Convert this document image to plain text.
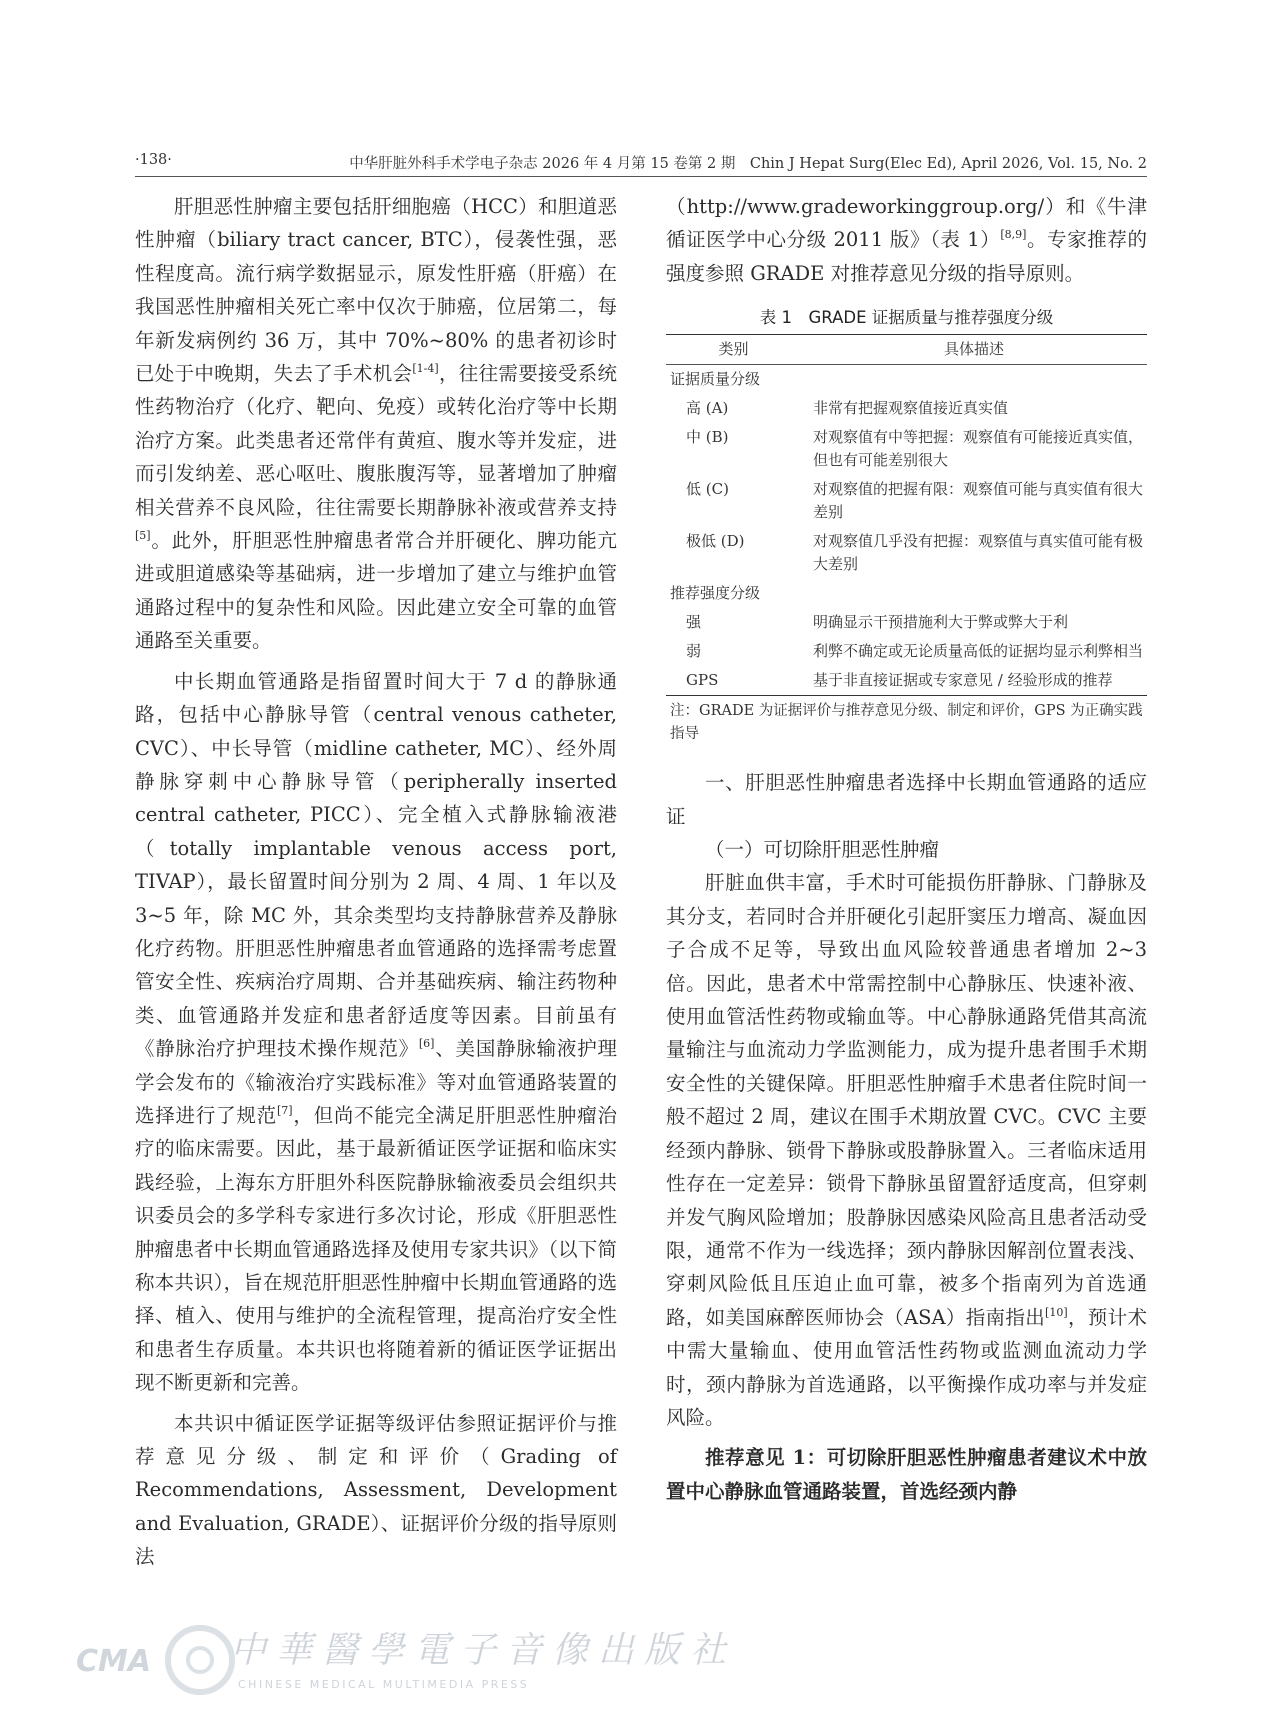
·138·	中华肝脏外科手术学电子杂志 2026 年 4 月第 15 卷第 2 期　Chin J Hepat Surg(Elec Ed), April 2026, Vol. 15, No. 2

肝胆恶性肿瘤主要包括肝细胞癌（HCC）和胆道恶性肿瘤（biliary tract cancer, BTC），侵袭性强，恶性程度高。流行病学数据显示，原发性肝癌（肝癌）在我国恶性肿瘤相关死亡率中仅次于肺癌，位居第二，每年新发病例约 36 万，其中 70%~80% 的患者初诊时已处于中晚期，失去了手术机会[1-4]，往往需要接受系统性药物治疗（化疗、靶向、免疫）或转化治疗等中长期治疗方案。此类患者还常伴有黄疸、腹水等并发症，进而引发纳差、恶心呕吐、腹胀腹泻等，显著增加了肿瘤相关营养不良风险，往往需要长期静脉补液或营养支持[5]。此外，肝胆恶性肿瘤患者常合并肝硬化、脾功能亢进或胆道感染等基础病，进一步增加了建立与维护血管通路过程中的复杂性和风险。因此建立安全可靠的血管通路至关重要。

中长期血管通路是指留置时间大于 7 d 的静脉通路，包括中心静脉导管（central venous catheter, CVC）、中长导管（midline catheter, MC）、经外周静脉穿刺中心静脉导管（peripherally inserted central catheter, PICC）、完全植入式静脉输液港（totally implantable venous access port, TIVAP），最长留置时间分别为 2 周、4 周、1 年以及 3~5 年，除 MC 外，其余类型均支持静脉营养及静脉化疗药物。肝胆恶性肿瘤患者血管通路的选择需考虑置管安全性、疾病治疗周期、合并基础疾病、输注药物种类、血管通路并发症和患者舒适度等因素。目前虽有《静脉治疗护理技术操作规范》[6]、美国静脉输液护理学会发布的《输液治疗实践标准》等对血管通路装置的选择进行了规范[7]，但尚不能完全满足肝胆恶性肿瘤治疗的临床需要。因此，基于最新循证医学证据和临床实践经验，上海东方肝胆外科医院静脉输液委员会组织共识委员会的多学科专家进行多次讨论，形成《肝胆恶性肿瘤患者中长期血管通路选择及使用专家共识》（以下简称本共识），旨在规范肝胆恶性肿瘤中长期血管通路的选择、植入、使用与维护的全流程管理，提高治疗安全性和患者生存质量。本共识也将随着新的循证医学证据出现不断更新和完善。

本共识中循证医学证据等级评估参照证据评价与推荐意见分级、制定和评价（Grading of Recommendations, Assessment, Development and Evaluation, GRADE）、证据评价分级的指导原则法

（http://www.gradeworkinggroup.org/）和《牛津循证医学中心分级 2011 版》（表 1）[8,9]。专家推荐的强度参照 GRADE 对推荐意见分级的指导原则。

表 1　GRADE 证据质量与推荐强度分级
类别	具体描述
证据质量分级	
高 (A)	非常有把握观察值接近真实值
中 (B)	对观察值有中等把握：观察值有可能接近真实值，但也有可能差别很大
低 (C)	对观察值的把握有限：观察值可能与真实值有很大差别
极低 (D)	对观察值几乎没有把握：观察值与真实值可能有极大差别
推荐强度分级	
强	明确显示干预措施利大于弊或弊大于利
弱	利弊不确定或无论质量高低的证据均显示利弊相当
GPS	基于非直接证据或专家意见 / 经验形成的推荐
注：GRADE 为证据评价与推荐意见分级、制定和评价，GPS 为正确实践指导

一、肝胆恶性肿瘤患者选择中长期血管通路的适应证

（一）可切除肝胆恶性肿瘤

肝脏血供丰富，手术时可能损伤肝静脉、门静脉及其分支，若同时合并肝硬化引起肝窦压力增高、凝血因子合成不足等，导致出血风险较普通患者增加 2~3 倍。因此，患者术中常需控制中心静脉压、快速补液、使用血管活性药物或输血等。中心静脉通路凭借其高流量输注与血流动力学监测能力，成为提升患者围手术期安全性的关键保障。肝胆恶性肿瘤手术患者住院时间一般不超过 2 周，建议在围手术期放置 CVC。CVC 主要经颈内静脉、锁骨下静脉或股静脉置入。三者临床适用性存在一定差异：锁骨下静脉虽留置舒适度高，但穿刺并发气胸风险增加；股静脉因感染风险高且患者活动受限，通常不作为一线选择；颈内静脉因解剖位置表浅、穿刺风险低且压迫止血可靠，被多个指南列为首选通路，如美国麻醉医师协会（ASA）指南指出[10]，预计术中需大量输血、使用血管活性药物或监测血流动力学时，颈内静脉为首选通路，以平衡操作成功率与并发症风险。

推荐意见 1：可切除肝胆恶性肿瘤患者建议术中放置中心静脉血管通路装置，首选经颈内静

CMA 中華醫學電子音像出版社
CHINESE MEDICAL MULTIMEDIA PRESS
